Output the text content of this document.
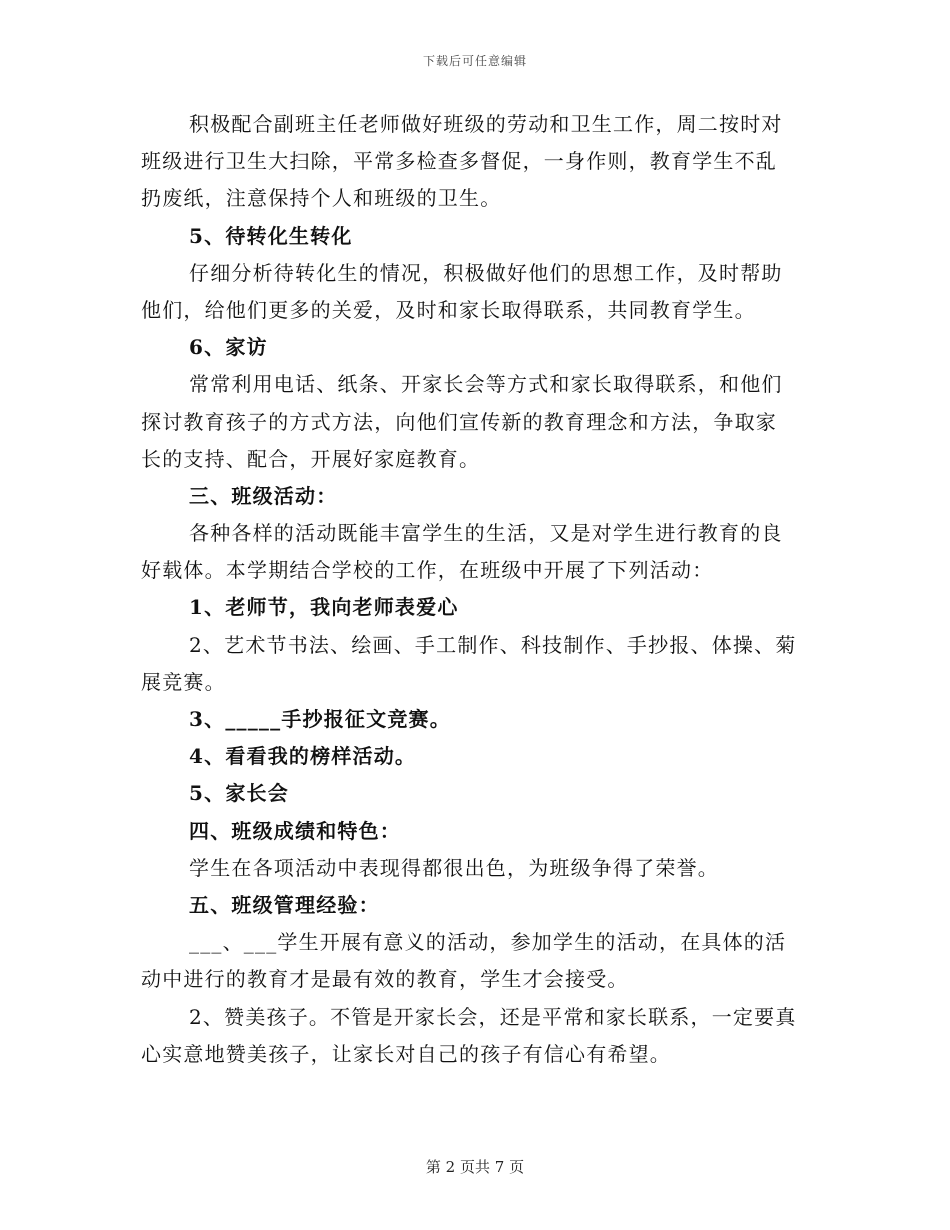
下载后可任意编辑
积极配合副班主任老师做好班级的劳动和卫生工作，周二按时对
班级进行卫生大扫除，平常多检查多督促，一身作则，教育学生不乱
扔废纸，注意保持个人和班级的卫生。
5、待转化生转化
仔细分析待转化生的情况，积极做好他们的思想工作，及时帮助
他们，给他们更多的关爱，及时和家长取得联系，共同教育学生。
6、家访
常常利用电话、纸条、开家长会等方式和家长取得联系，和他们
探讨教育孩子的方式方法，向他们宣传新的教育理念和方法，争取家
长的支持、配合，开展好家庭教育。
三、班级活动：
各种各样的活动既能丰富学生的生活，又是对学生进行教育的良
好载体。本学期结合学校的工作，在班级中开展了下列活动：
1、老师节，我向老师表爱心
2、艺术节书法、绘画、手工制作、科技制作、手抄报、体操、菊
展竞赛。
3、_____手抄报征文竞赛。
4、看看我的榜样活动。
5、家长会
四、班级成绩和特色：
学生在各项活动中表现得都很出色，为班级争得了荣誉。
五、班级管理经验：
___、___学生开展有意义的活动，参加学生的活动，在具体的活
动中进行的教育才是最有效的教育，学生才会接受。
2、赞美孩子。不管是开家长会，还是平常和家长联系，一定要真
心实意地赞美孩子，让家长对自己的孩子有信心有希望。
第 2 页共 7 页
